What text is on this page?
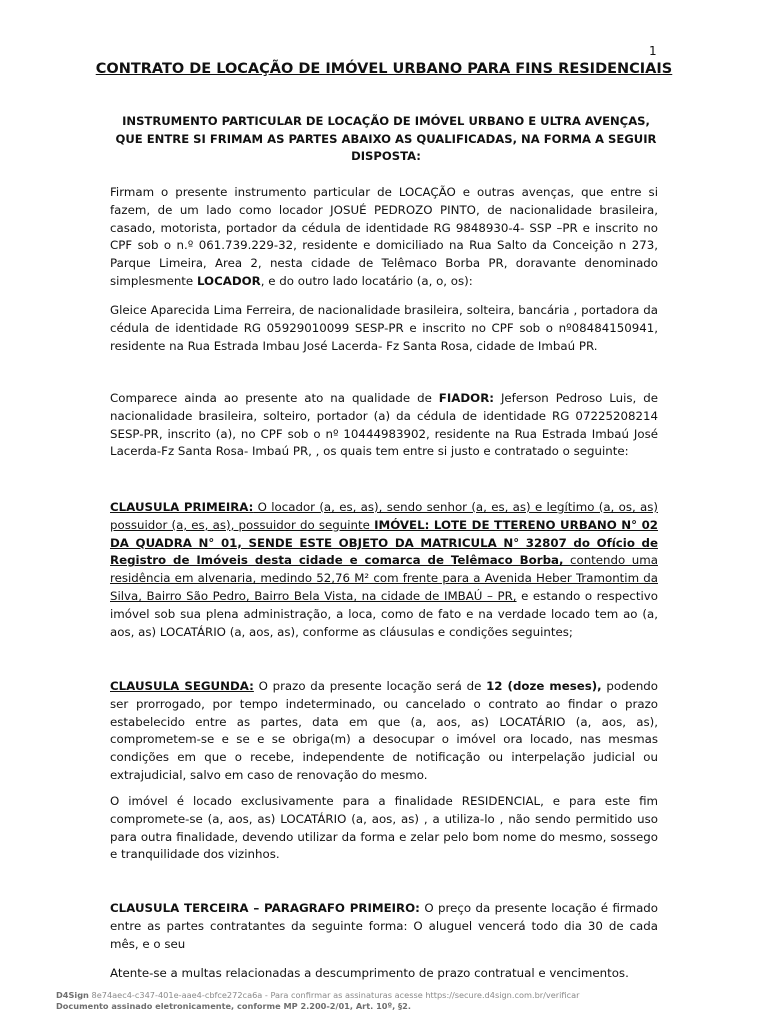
1
CONTRATO DE LOCAÇÃO DE IMÓVEL URBANO PARA FINS RESIDENCIAIS
INSTRUMENTO PARTICULAR DE LOCAÇÃO DE IMÓVEL URBANO E ULTRA AVENÇAS, QUE ENTRE SI FRIMAM AS PARTES ABAIXO AS QUALIFICADAS, NA FORMA A SEGUIR DISPOSTA:

Firmam o presente instrumento particular de LOCAÇÃO e outras avenças, que entre si fazem, de um lado como locador JOSUÉ PEDROZO PINTO, de nacionalidade brasileira, casado, motorista, portador da cédula de identidade RG 9848930-4- SSP –PR e inscrito no CPF sob o n.º 061.739.229-32, residente e domiciliado na Rua Salto da Conceição n 273, Parque Limeira, Area 2, nesta cidade de Telêmaco Borba PR, doravante denominado simplesmente LOCADOR, e do outro lado locatário (a, o, os):

Gleice Aparecida Lima Ferreira, de nacionalidade brasileira, solteira, bancária , portadora da cédula de identidade RG 05929010099 SESP-PR e inscrito no CPF sob o nº08484150941, residente na Rua Estrada Imbau José Lacerda- Fz Santa Rosa, cidade de Imbaú PR.

Comparece ainda ao presente ato na qualidade de FIADOR: Jeferson Pedroso Luis, de nacionalidade brasileira, solteiro, portador (a) da cédula de identidade RG 07225208214 SESP-PR, inscrito (a), no CPF sob o nº 10444983902, residente na Rua Estrada Imbaú José Lacerda-Fz Santa Rosa- Imbaú PR, , os quais tem entre si justo e contratado o seguinte:

CLAUSULA PRIMEIRA: O locador (a, es, as), sendo senhor (a, es, as) e legítimo (a, os, as) possuidor (a, es, as), possuidor do seguinte IMÓVEL: LOTE DE TTERENO URBANO N° 02 DA QUADRA N° 01, SENDE ESTE OBJETO DA MATRICULA N° 32807 do Ofício de Registro de Imóveis desta cidade e comarca de Telêmaco Borba, contendo uma residência em alvenaria, medindo 52,76 M² com frente para a Avenida Heber Tramontim da Silva, Bairro São Pedro, Bairro Bela Vista, na cidade de IMBAÚ – PR, e estando o respectivo imóvel sob sua plena administração, a loca, como de fato e na verdade locado tem ao (a, aos, as) LOCATÁRIO (a, aos, as), conforme as cláusulas e condições seguintes;

CLAUSULA SEGUNDA: O prazo da presente locação será de 12 (doze meses), podendo ser prorrogado, por tempo indeterminado, ou cancelado o contrato ao findar o prazo estabelecido entre as partes, data em que (a, aos, as) LOCATÁRIO (a, aos, as), comprometem-se e se e se obriga(m) a desocupar o imóvel ora locado, nas mesmas condições em que o recebe, independente de notificação ou interpelação judicial ou extrajudicial, salvo em caso de renovação do mesmo.

O imóvel é locado exclusivamente para a finalidade RESIDENCIAL, e para este fim compromete-se (a, aos, as) LOCATÁRIO (a, aos, as) , a utiliza-lo , não sendo permitido uso para outra finalidade, devendo utilizar da forma e zelar pelo bom nome do mesmo, sossego e tranquilidade dos vizinhos.

CLAUSULA TERCEIRA – PARAGRAFO PRIMEIRO: O preço da presente locação é firmado entre as partes contratantes da seguinte forma: O aluguel vencerá todo dia 30 de cada mês, e o seu

Atente-se a multas relacionadas a descumprimento de prazo contratual e vencimentos.

D4Sign 8e74aec4-c347-401e-aae4-cbfce272ca6a - Para confirmar as assinaturas acesse https://secure.d4sign.com.br/verificar
Documento assinado eletronicamente, conforme MP 2.200-2/01, Art. 10º, §2.
